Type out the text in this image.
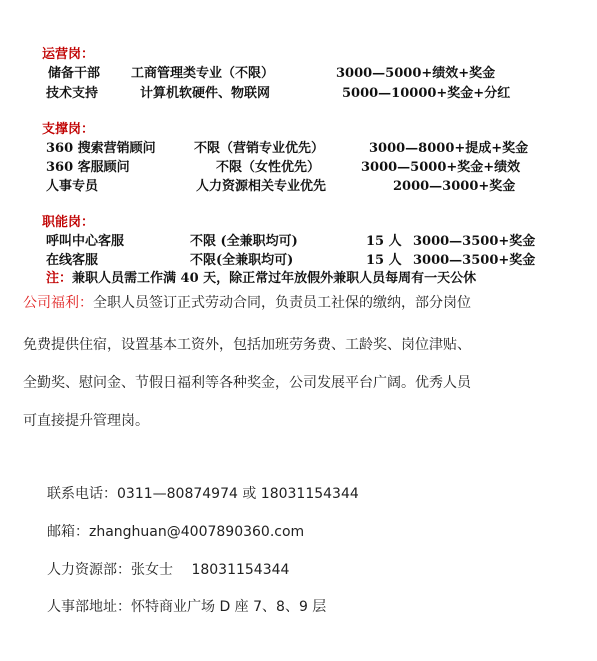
运营岗：
储备干部 工商管理类专业（不限）	3000—5000+绩效+奖金
技术支持	计算机软硬件、物联网	5000—10000+奖金+分红
支撑岗：
360 搜索营销顾问	不限（营销专业优先）	3000—8000+提成+奖金
360 客服顾问	不限（女性优先）	3000—5000+奖金+绩效
人事专员	人力资源相关专业优先	2000—3000+奖金
职能岗：
呼叫中心客服	不限 (全兼职均可)	15 人 3000—3500+奖金
在线客服	不限(全兼职均可)	15 人 3000—3500+奖金
注：兼职人员需工作满 40 天，除正常过年放假外兼职人员每周有一天公休
公司福利：全职人员签订正式劳动合同，负责员工社保的缴纳，部分岗位
免费提供住宿，设置基本工资外，包括加班劳务费、工龄奖、岗位津贴、
全勤奖、慰问金、节假日福利等各种奖金，公司发展平台广阔。优秀人员
可直接提升管理岗。
联系电话：0311—80874974 或 18031154344
邮箱：zhanghuan@4007890360.com
人力资源部：张女士　 18031154344
人事部地址：怀特商业广场 D 座 7、8、9 层
